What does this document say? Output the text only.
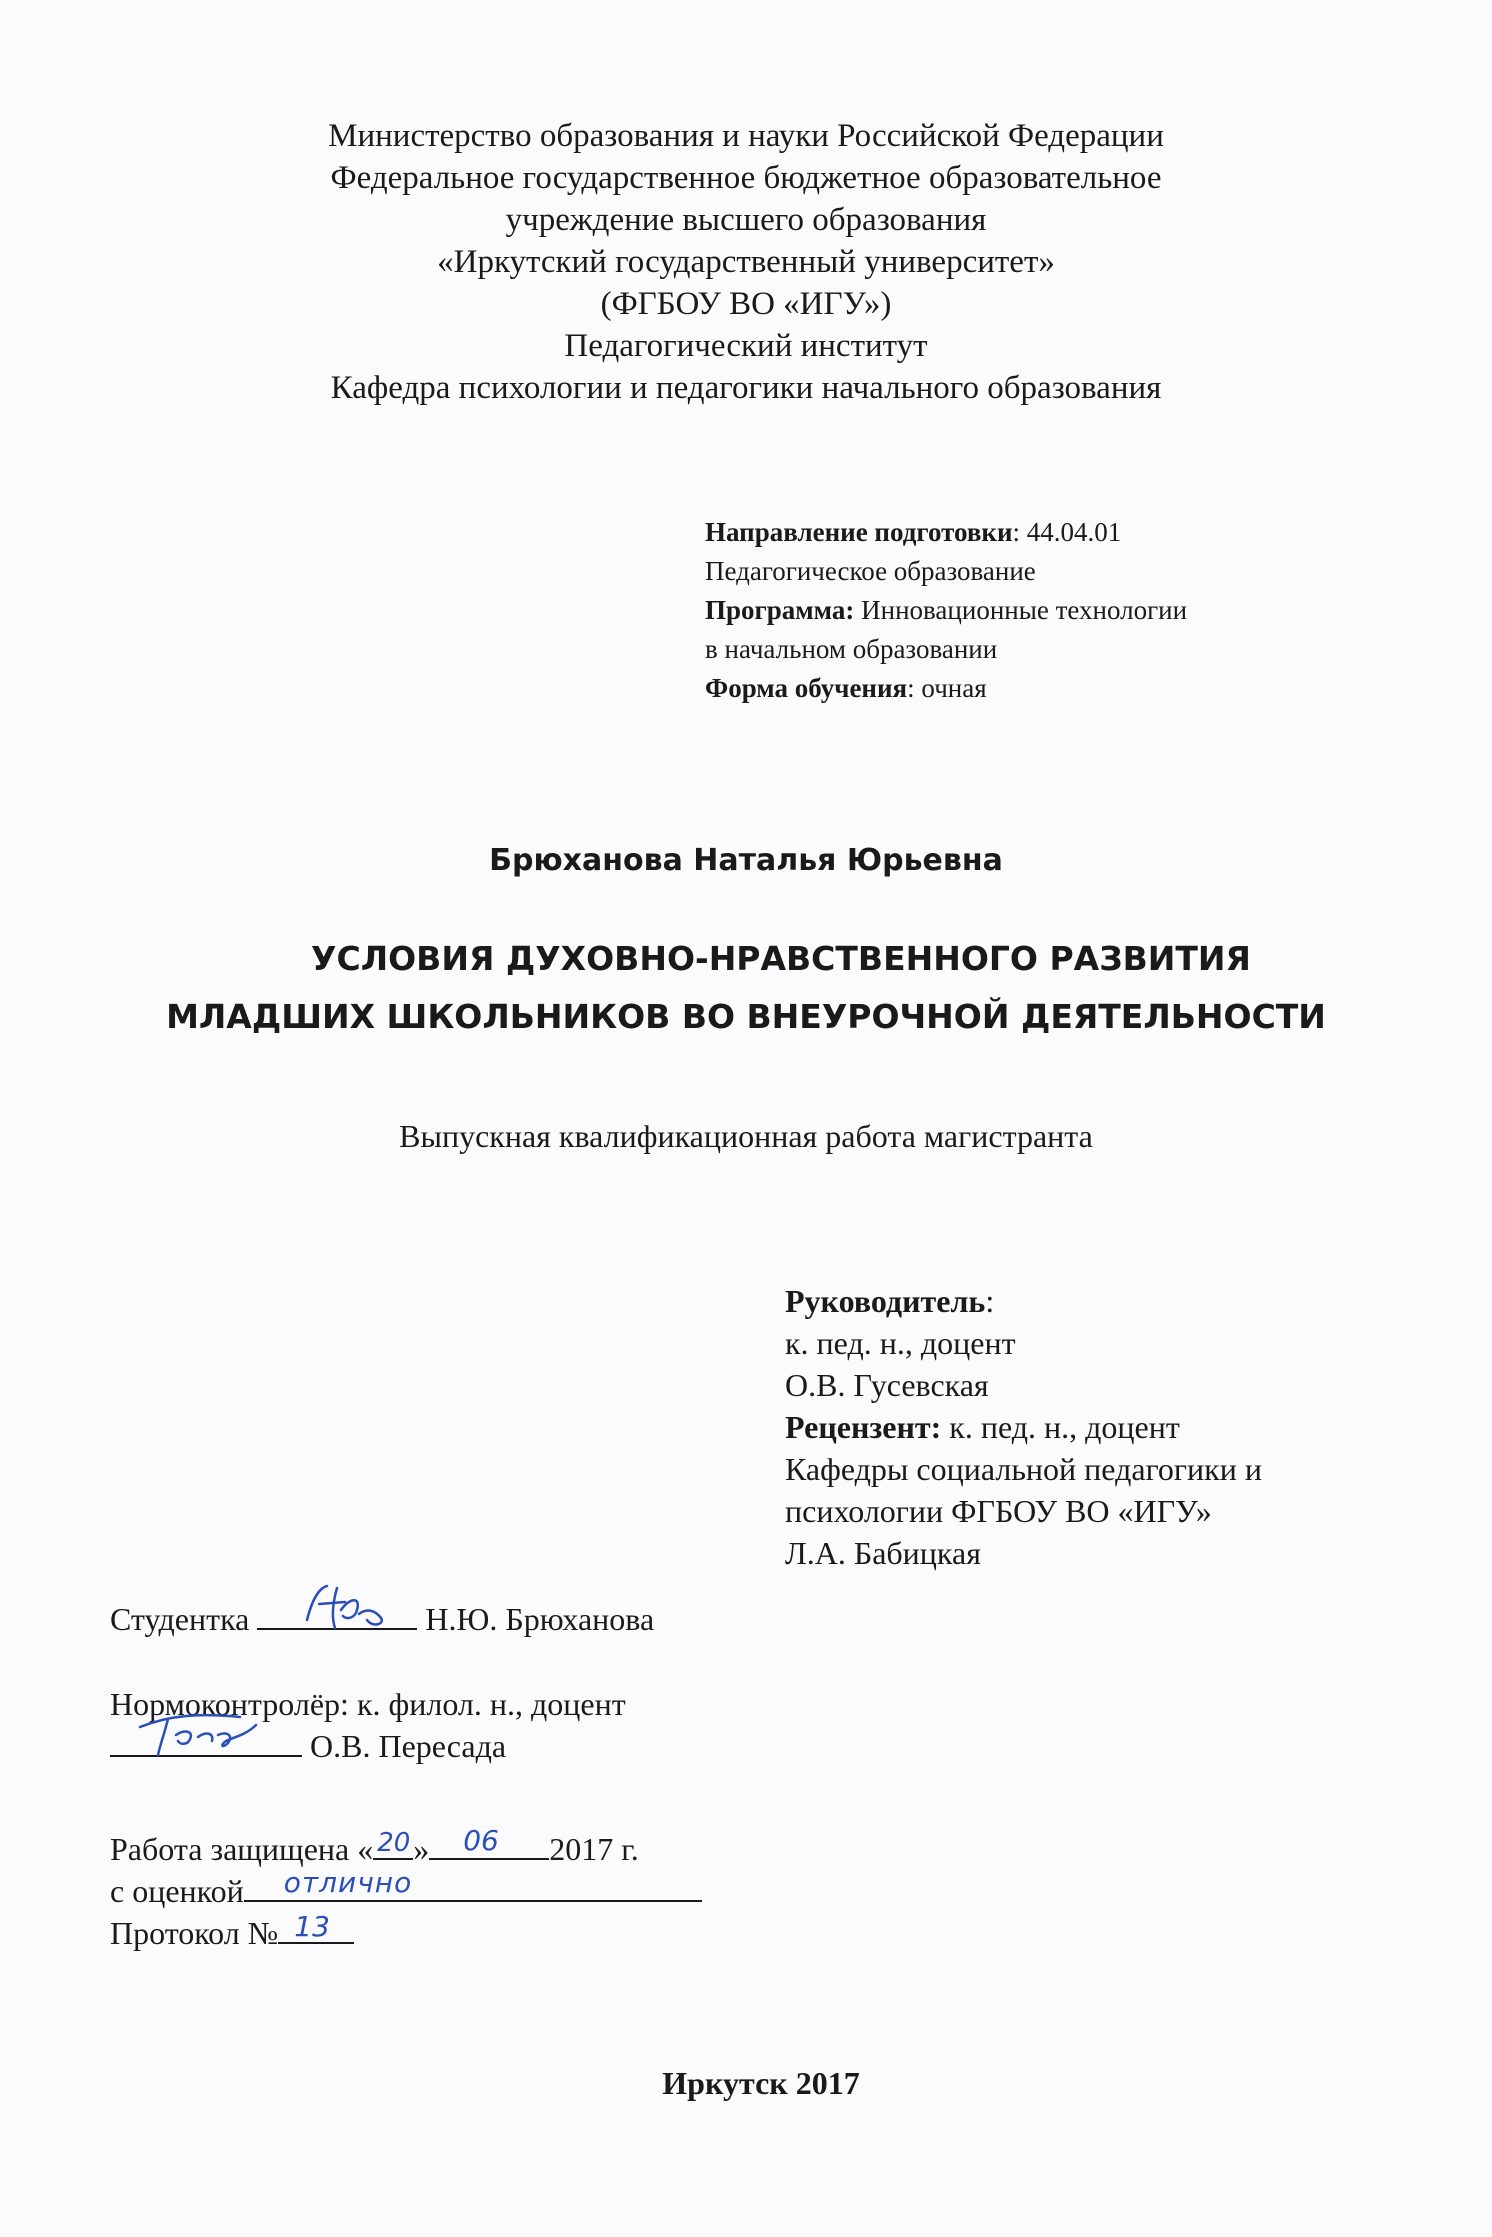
Министерство образования и науки Российской Федерации
Федеральное государственное бюджетное образовательное
учреждение высшего образования
«Иркутский государственный университет»
(ФГБОУ ВО «ИГУ»)
Педагогический институт
Кафедра психологии и педагогики начального образования
Направление подготовки: 44.04.01
Педагогическое образование
Программа: Инновационные технологии
в начальном образовании
Форма обучения: очная
Брюханова Наталья Юрьевна
УСЛОВИЯ ДУХОВНО-НРАВСТВЕННОГО РАЗВИТИЯ
МЛАДШИХ ШКОЛЬНИКОВ ВО ВНЕУРОЧНОЙ ДЕЯТЕЛЬНОСТИ
Выпускная квалификационная работа магистранта
Руководитель:
к. пед. н., доцент
О.В. Гусевская
Рецензент: к. пед. н., доцент
Кафедры социальной педагогики и
психологии ФГБОУ ВО «ИГУ»
Л.А. Бабицкая
Студентка	Н.Ю. Брюханова
Нормоконтролёр: к. филол. н., доцент
О.В. Пересада
Работа защищена « 20 » 06 2017 г.
с оценкой отлично
Протокол № 13
Иркутск 2017
